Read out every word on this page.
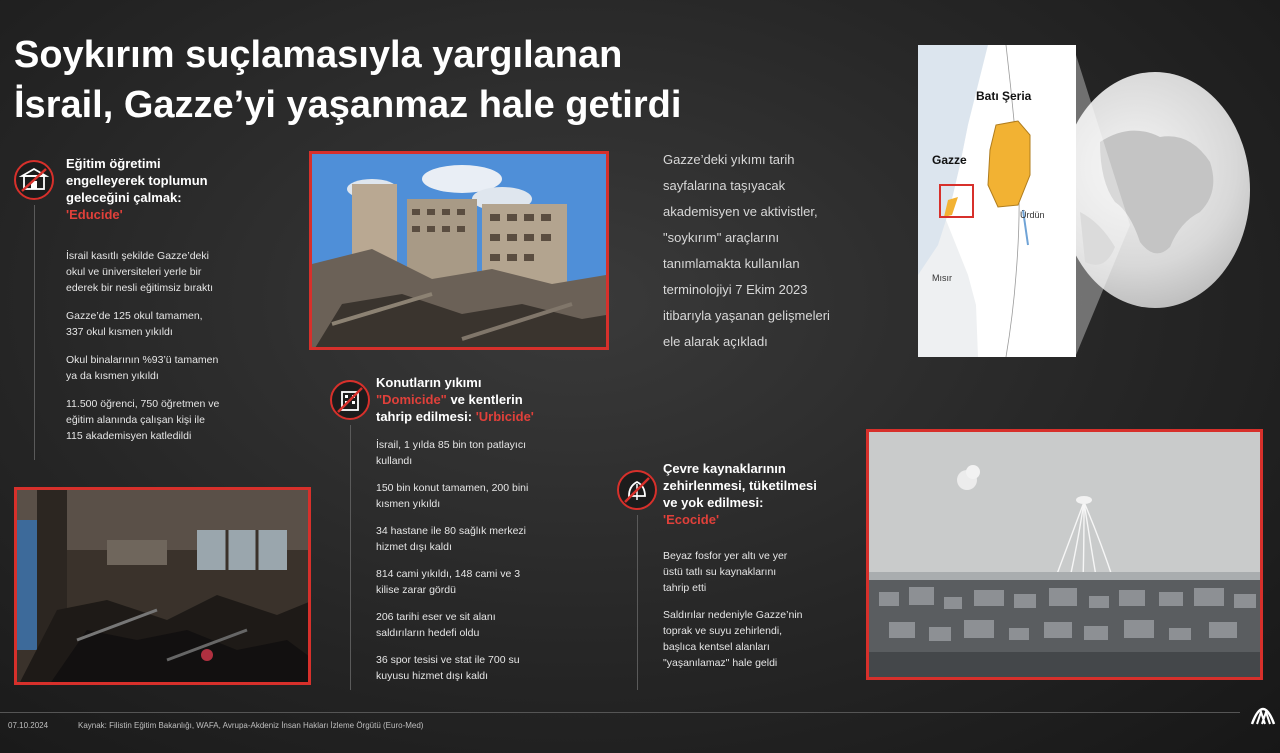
Soykırım suçlamasıyla yargılanan
İsrail, Gazze’yi yaşanmaz hale getirdi
Eğitim öğretimi
engelleyerek toplumun
geleceğini çalmak:
'Educide'
İsrail kasıtlı şekilde Gazze’deki
okul ve üniversiteleri yerle bir
ederek bir nesli eğitimsiz bıraktı
Gazze’de 125 okul tamamen,
337 okul kısmen yıkıldı
Okul binalarının %93’ü tamamen
ya da kısmen yıkıldı
11.500 öğrenci, 750 öğretmen ve
eğitim alanında çalışan kişi ile
115 akademisyen katledildi
Konutların yıkımı
"Domicide" ve kentlerin
tahrip edilmesi: 'Urbicide'
İsrail, 1 yılda 85 bin ton patlayıcı
kullandı
150 bin konut tamamen, 200 bini
kısmen yıkıldı
34 hastane ile 80 sağlık merkezi
hizmet dışı kaldı
814 cami yıkıldı, 148 cami ve 3
kilise zarar gördü
206 tarihi eser ve sit alanı
saldırıların hedefi oldu
36 spor tesisi ve stat ile 700 su
kuyusu hizmet dışı kaldı
Gazze’deki yıkımı tarih
sayfalarına taşıyacak
akademisyen ve aktivistler,
"soykırım" araçlarını
tanımlamakta kullanılan
terminolojiyi 7 Ekim 2023
itibarıyla yaşanan gelişmeleri
ele alarak açıkladı
Batı Şeria
Gazze
Ürdün
Mısır
Çevre kaynaklarının
zehirlenmesi, tüketilmesi
ve yok edilmesi:
'Ecocide'
Beyaz fosfor yer altı ve yer
üstü tatlı su kaynaklarını
tahrip etti
Saldırılar nedeniyle Gazze’nin
toprak ve suyu zehirlendi,
başlıca kentsel alanları
"yaşanılamaz" hale geldi
07.10.2024	Kaynak: Filistin Eğitim Bakanlığı, WAFA, Avrupa-Akdeniz İnsan Hakları İzleme Örgütü (Euro-Med)
